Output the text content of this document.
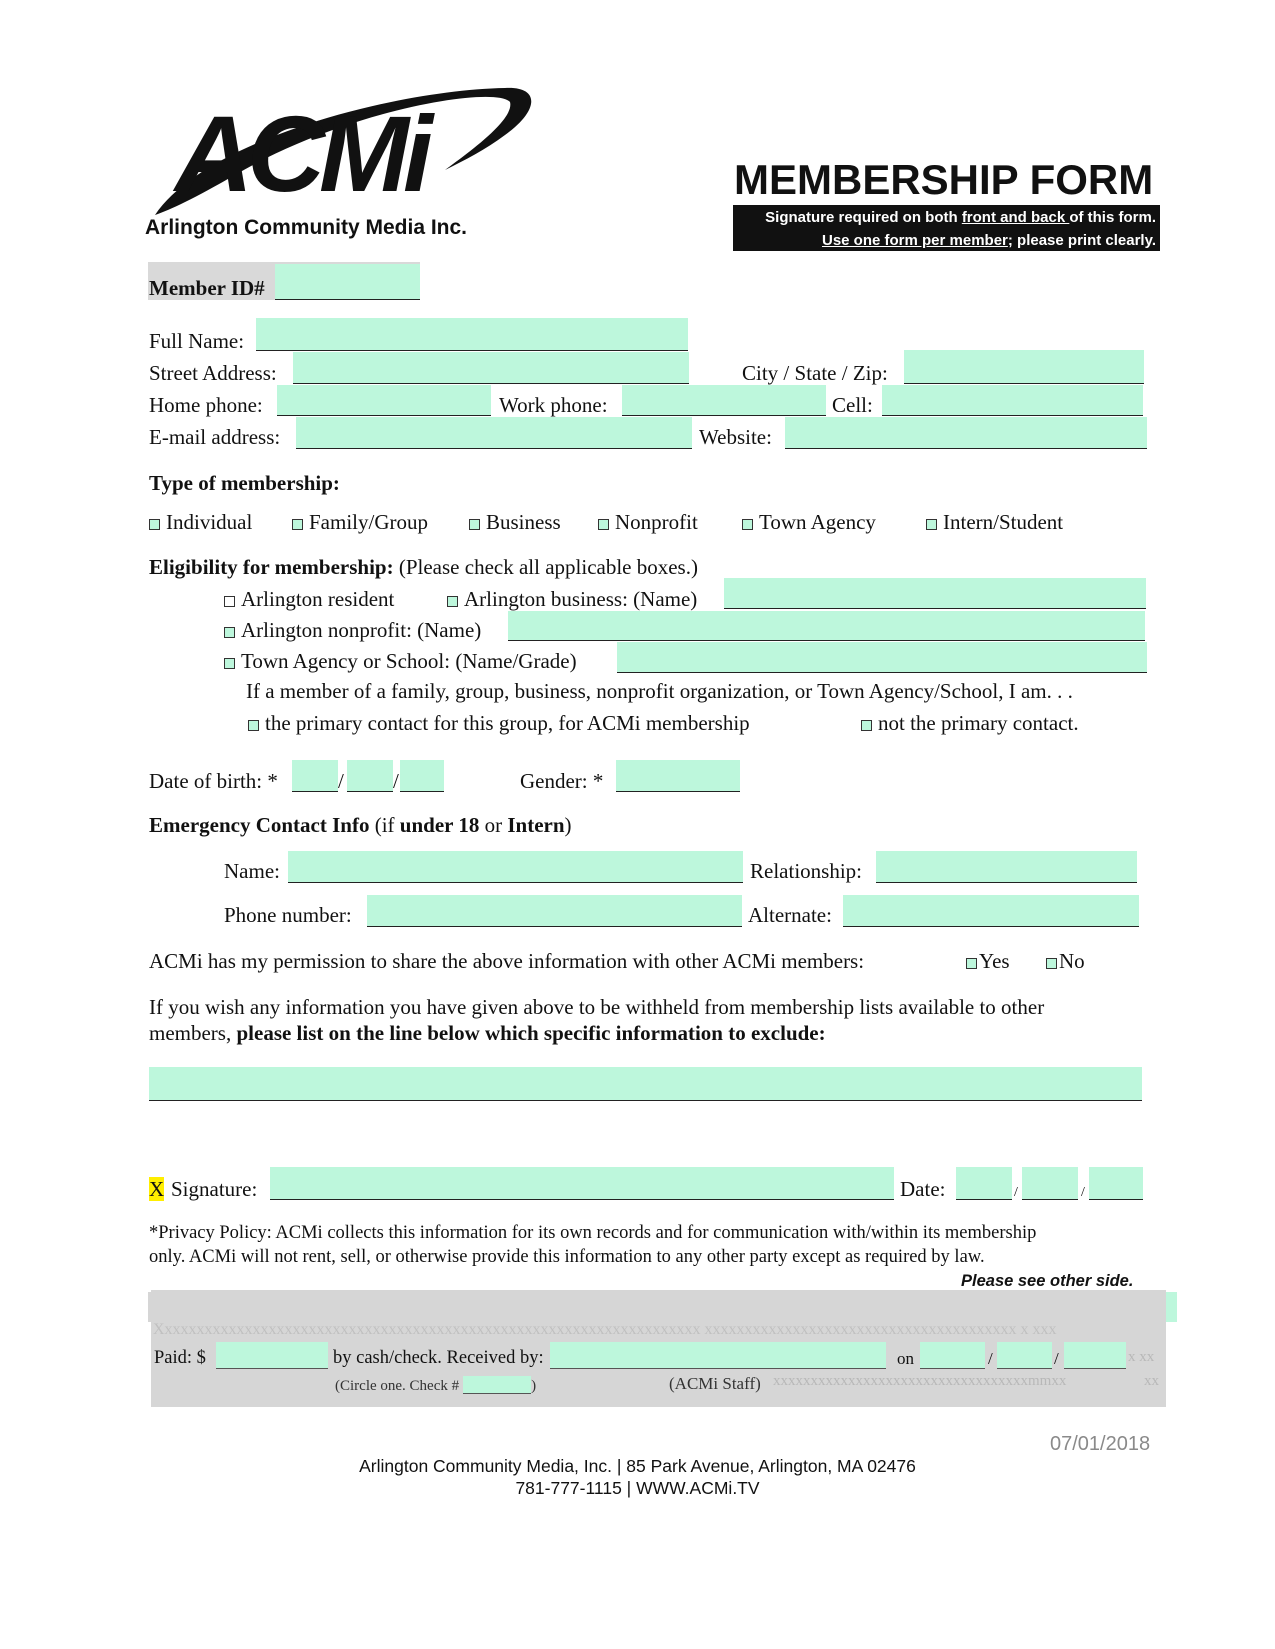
ACMi
Arlington Community Media Inc.
MEMBERSHIP FORM
Signature required on both front and back of this form.
Use one form per member; please print clearly.
Member ID#
Full Name:
Street Address:	City / State / Zip:
Home phone:	Work phone:	Cell:
E-mail address:	Website:
Type of membership:
Individual	Family/Group	Business	Nonprofit	Town Agency	Intern/Student
Eligibility for membership: (Please check all applicable boxes.)
Arlington resident	Arlington business: (Name)
Arlington nonprofit: (Name)
Town Agency or School: (Name/Grade)
If a member of a family, group, business, nonprofit organization, or Town Agency/School, I am. . .
the primary contact for this group, for ACMi membership	not the primary contact.
Date of birth: *	/ /	Gender: *
Emergency Contact Info (if under 18 or Intern)
Name:	Relationship:
Phone number:	Alternate:
ACMi has my permission to share the above information with other ACMi members:	Yes	No
If you wish any information you have given above to be withheld from membership lists available to other
members, please list on the line below which specific information to exclude:
X Signature:	Date:	/	/
*Privacy Policy: ACMi collects this information for its own records and for communication with/within its membership
only. ACMi will not rent, sell, or otherwise provide this information to any other party except as required by law.
Please see other side.
Xxxxxxxxxxxxxxxxxxxxxxxxxxxxxxxxxxxxxxxxxxxxxxxxxxxxxxxxxxxxxxxxxxxx xxxxxxxxxxxxxxxxxxxxxxxxxxxxxxxxxxxxxxx x xxx
Paid: $	by cash/check. Received by:	on	/	/	x xx
(Circle one. Check #	)	(ACMi Staff) xxxxxxxxxxxxxxxxxxxxxxxxxxxxxxxxxxmmxx	xx
07/01/2018
Arlington Community Media, Inc. | 85 Park Avenue, Arlington, MA 02476
781-777-1115 | WWW.ACMi.TV
